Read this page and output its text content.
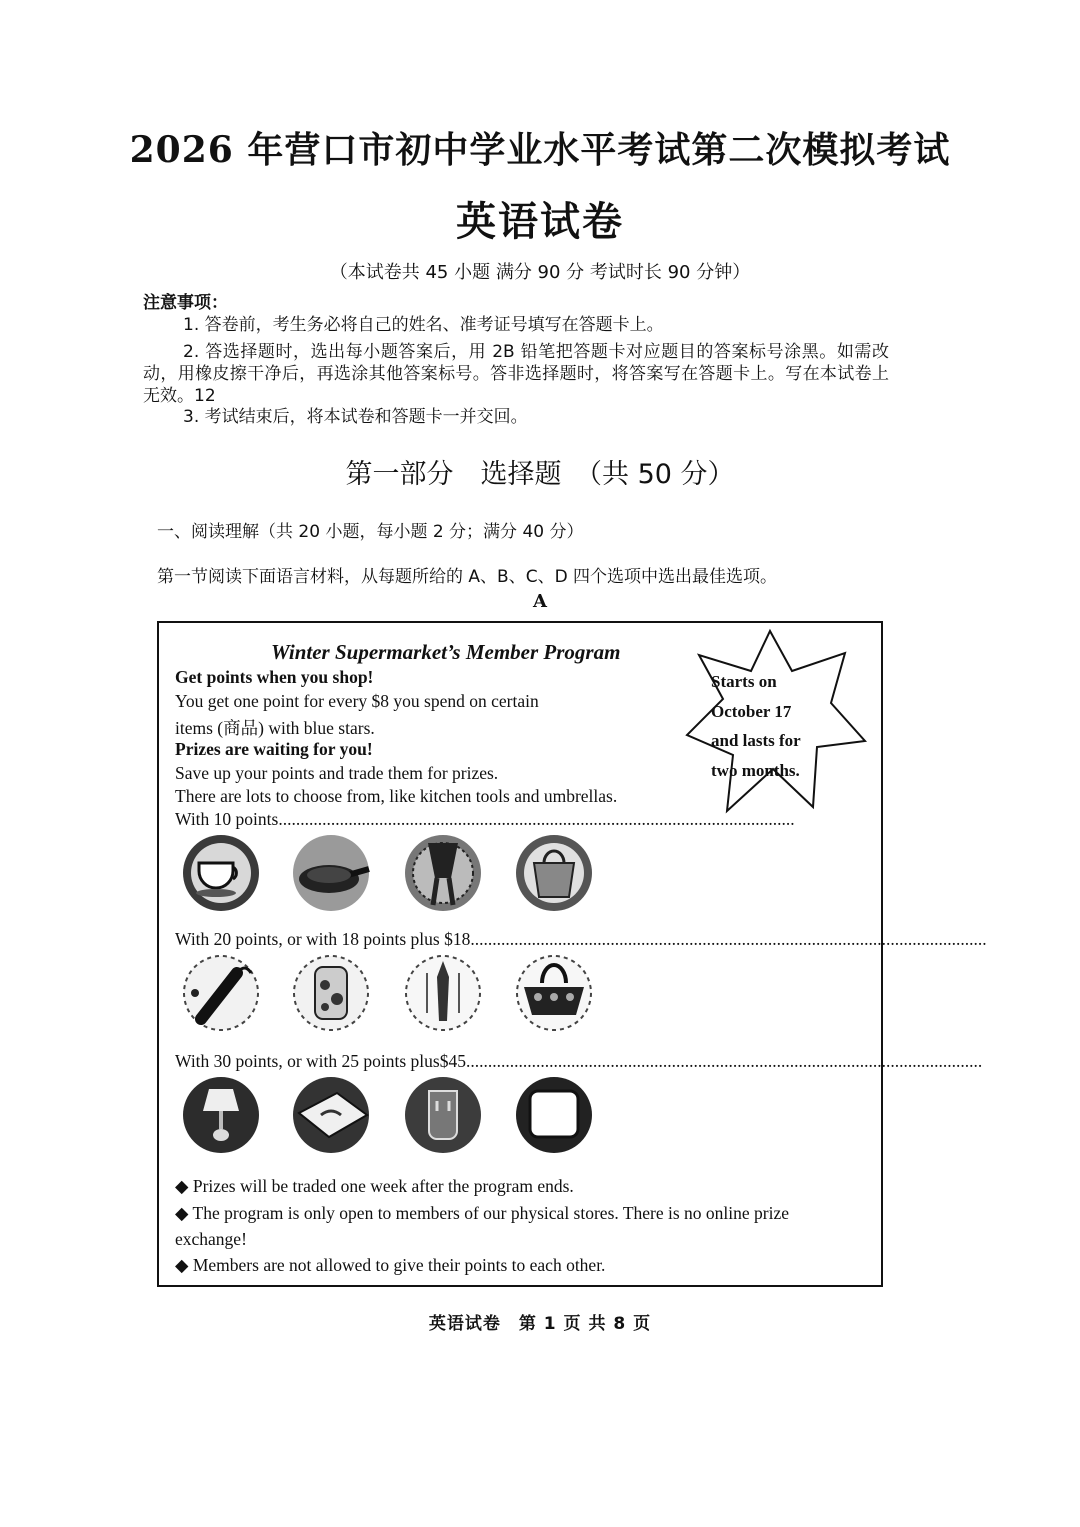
2026 年营口市初中学业水平考试第二次模拟考试
英语试卷
（本试卷共 45 小题 满分 90 分 考试时长 90 分钟）
注意事项：
1. 答卷前，考生务必将自己的姓名、准考证号填写在答题卡上。
2. 答选择题时，选出每小题答案后，用 2B 铅笔把答题卡对应题目的答案标号涂黑。如需改动，用橡皮擦干净后，再选涂其他答案标号。答非选择题时，将答案写在答题卡上。写在本试卷上无效。12
3. 考试结束后，将本试卷和答题卡一并交回。
第一部分　选择题　（共 50 分）
一、阅读理解（共 20 小题，每小题 2 分；满分 40 分）
第一节阅读下面语言材料，从每题所给的 A、B、C、D 四个选项中选出最佳选项。
A
Winter Supermarket’s Member Program
Get points when you shop!
You get one point for every $8 you spend on certain
items (商品) with blue stars.
Prizes are waiting for you!
Save up your points and trade them for prizes.
There are lots to choose from, like kitchen tools and umbrellas.
Starts on
October 17
and lasts for
two months.
With 10 points......................................................................................................................
With 20 points, or with 18 points plus $18......................................................................................................................
With 30 points, or with 25 points plus$45......................................................................................................................
◆ Prizes will be traded one week after the program ends.
◆ The program is only open to members of our physical stores. There is no online prize exchange!
◆ Members are not allowed to give their points to each other.
英语试卷　第 1 页 共 8 页
